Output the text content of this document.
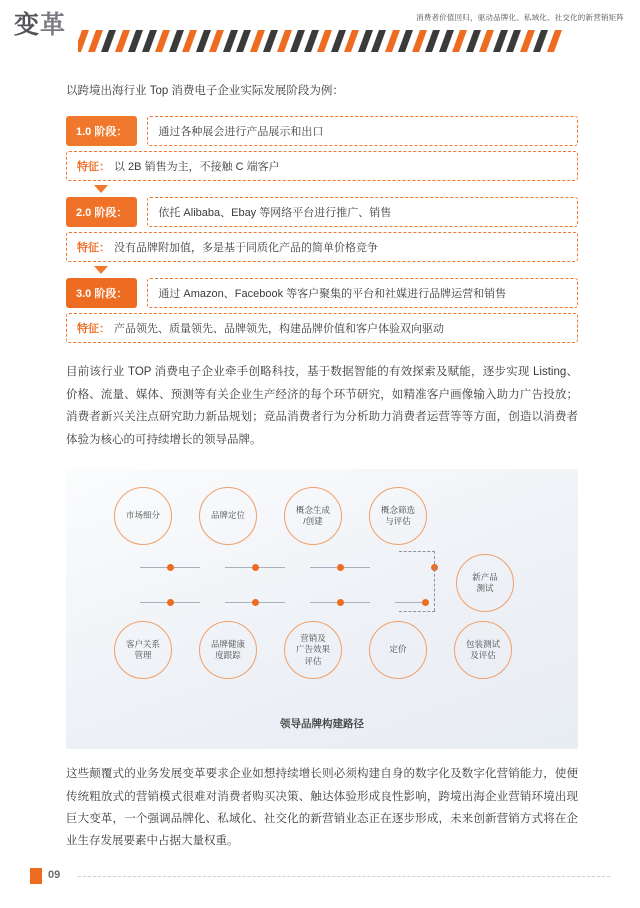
变革	消费者价值回归，驱动品牌化、私域化、社交化的新营销矩阵
以跨境出海行业 Top 消费电子企业实际发展阶段为例：
1.0 阶段：	通过各种展会进行产品展示和出口
特征： 以 2B 销售为主，不接触 C 端客户
2.0 阶段：	依托 Alibaba、Ebay 等网络平台进行推广、销售
特征： 没有品牌附加值，多是基于同质化产品的简单价格竞争
3.0 阶段：	通过 Amazon、Facebook 等客户聚集的平台和社媒进行品牌运营和销售
特征： 产品领先、质量领先、品牌领先，构建品牌价值和客户体验双向驱动
目前该行业 TOP 消费电子企业牵手创略科技，基于数据智能的有效探索及赋能，逐步实现 Listing、价格、流量、媒体、预测等有关企业生产经济的每个环节研究，如精准客户画像输入助力广告投放；消费者新兴关注点研究助力新品规划；竞品消费者行为分析助力消费者运营等等方面，创造以消费者体验为核心的可持续增长的领导品牌。
领导品牌构建路径
市场细分	品牌定位
概念生成
/创建
概念筛选
与评估
新产品
测试
客户关系
管理
品牌健康
度跟踪
营销及
广告效果
评估
定价
包装测试
及评估
这些颠覆式的业务发展变革要求企业如想持续增长则必须构建自身的数字化及数字化营销能力，使便传统粗放式的营销模式很难对消费者购买决策、触达体验形成良性影响，跨境出海企业营销环境出现巨大变革，一个强调品牌化、私域化、社交化的新营销业态正在逐步形成，未来创新营销方式将在企业生存发展要素中占据大量权重。
09
